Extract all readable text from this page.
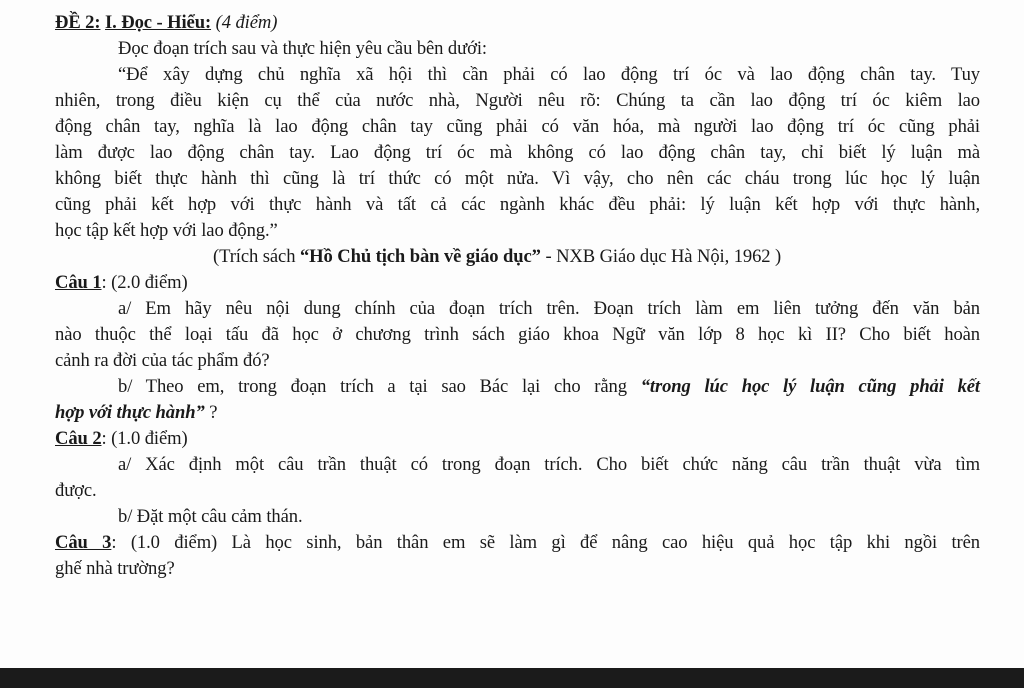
ĐỀ 2: I. Đọc - Hiểu: (4 điểm)
Đọc đoạn trích sau và thực hiện yêu cầu bên dưới:
“Để xây dựng chủ nghĩa xã hội thì cần phải có lao động trí óc và lao động chân tay. Tuy
nhiên, trong điều kiện cụ thể của nước nhà, Người nêu rõ: Chúng ta cần lao động trí óc kiêm lao
động chân tay, nghĩa là lao động chân tay cũng phải có văn hóa, mà người lao động trí óc cũng phải
làm được lao động chân tay. Lao động trí óc mà không có lao động chân tay, chỉ biết lý luận mà
không biết thực hành thì cũng là trí thức có một nửa. Vì vậy, cho nên các cháu trong lúc học lý luận
cũng phải kết hợp với thực hành và tất cả các ngành khác đều phải: lý luận kết hợp với thực hành,
học tập kết hợp với lao động.”
(Trích sách “Hồ Chủ tịch bàn về giáo dục” - NXB Giáo dục Hà Nội, 1962 )
Câu 1: (2.0 điểm)
a/ Em hãy nêu nội dung chính của đoạn trích trên. Đoạn trích làm em liên tưởng đến văn bản
nào thuộc thể loại tấu đã học ở chương trình sách giáo khoa Ngữ văn lớp 8 học kì II? Cho biết hoàn
cảnh ra đời của tác phẩm đó?
b/ Theo em, trong đoạn trích a tại sao Bác lại cho rằng “trong lúc học lý luận cũng phải kết
hợp với thực hành” ?
Câu 2: (1.0 điểm)
a/ Xác định một câu trần thuật có trong đoạn trích. Cho biết chức năng câu trần thuật vừa tìm
được.
b/ Đặt một câu cảm thán.
Câu 3: (1.0 điểm) Là học sinh, bản thân em sẽ làm gì để nâng cao hiệu quả học tập khi ngồi trên
ghế nhà trường?
